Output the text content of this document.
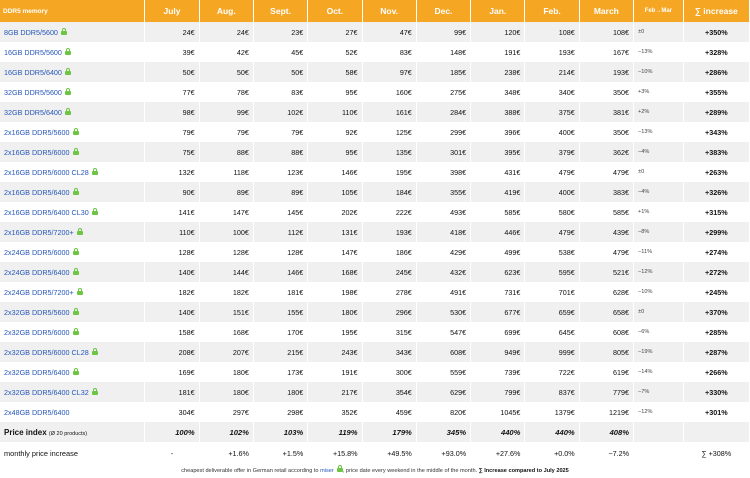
DDR5 memory	July	Aug.	Sept.	Oct.	Nov.	Dec.	Jan.	Feb.	March	Feb→Mar	∑ increase
8GB DDR5/5600	24€	24€	23€	27€	47€	99€	120€	108€	108€	±0	+350%
16GB DDR5/5600	39€	42€	45€	52€	83€	148€	191€	193€	167€	−13%	+328%
16GB DDR5/6400	50€	50€	50€	58€	97€	185€	238€	214€	193€	−10%	+286%
32GB DDR5/5600	77€	78€	83€	95€	160€	275€	348€	340€	350€	+3%	+355%
32GB DDR5/6400	98€	99€	102€	110€	161€	284€	388€	375€	381€	+2%	+289%
2x16GB DDR5/5600	79€	79€	79€	92€	125€	299€	396€	400€	350€	−13%	+343%
2x16GB DDR5/6000	75€	88€	88€	95€	135€	301€	395€	379€	362€	−4%	+383%
2x16GB DDR5/6000 CL28	132€	118€	123€	146€	195€	398€	431€	479€	479€	±0	+263%
2x16GB DDR5/6400	90€	89€	89€	105€	184€	355€	419€	400€	383€	−4%	+326%
2x16GB DDR5/6400 CL30	141€	147€	145€	202€	222€	493€	585€	580€	585€	+1%	+315%
2x16GB DDR5/7200+	110€	100€	112€	131€	193€	418€	446€	479€	439€	−8%	+299%
2x24GB DDR5/6000	128€	128€	128€	147€	186€	429€	499€	538€	479€	−11%	+274%
2x24GB DDR5/6400	140€	144€	146€	168€	245€	432€	623€	595€	521€	−12%	+272%
2x24GB DDR5/7200+	182€	182€	181€	198€	278€	491€	731€	701€	628€	−10%	+245%
2x32GB DDR5/5600	140€	151€	155€	180€	296€	530€	677€	659€	658€	±0	+370%
2x32GB DDR5/6000	158€	168€	170€	195€	315€	547€	699€	645€	608€	−6%	+285%
2x32GB DDR5/6000 CL28	208€	207€	215€	243€	343€	608€	949€	999€	805€	−19%	+287%
2x32GB DDR5/6400	169€	180€	173€	191€	300€	559€	739€	722€	619€	−14%	+266%
2x32GB DDR5/6400 CL32	181€	180€	180€	217€	354€	629€	799€	837€	779€	−7%	+330%
2x48GB DDR5/6400	304€	297€	298€	352€	459€	820€	1045€	1379€	1219€	−12%	+301%
Price index (Ø 20 products)	100%	102%	103%	119%	179%	345%	440%	440%	408%		
monthly price increase	-	+1.6%	+1.5%	+15.8%	+49.5%	+93.0%	+27.6%	+0.0%	−7.2%		∑ +308%
cheapest deliverable offer in German retail according to miser , price date every weekend in the middle of the month. ∑ Increase compared to July 2025
